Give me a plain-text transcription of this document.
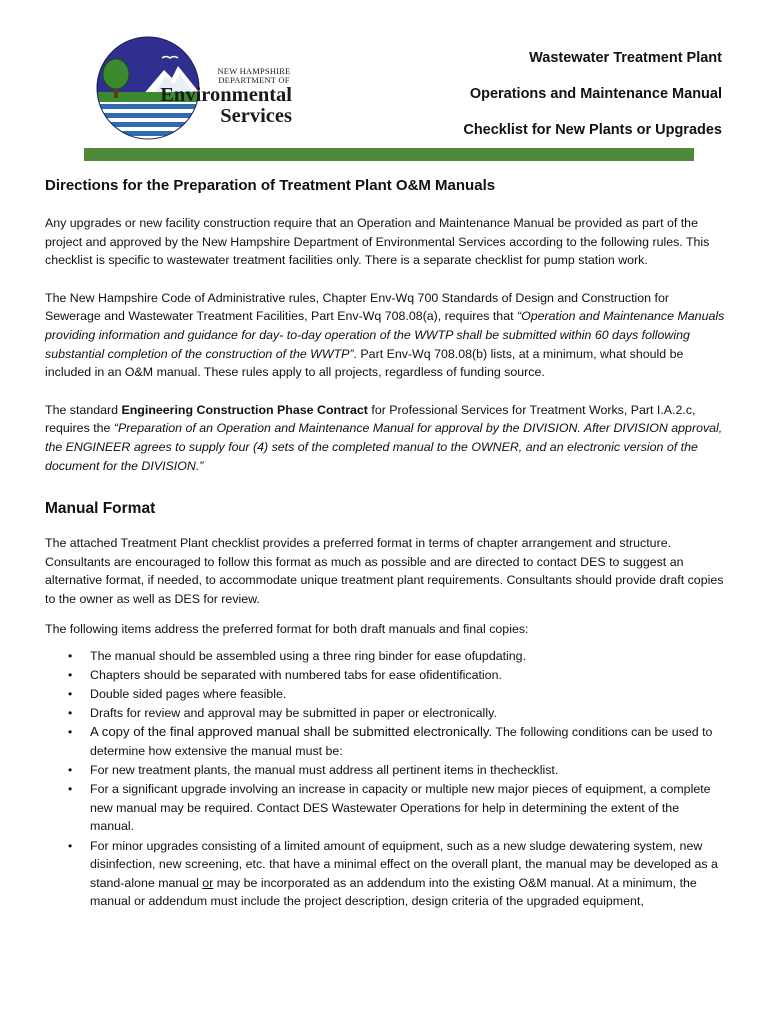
NEW HAMPSHIRE
DEPARTMENT OF
Environmental
Services
Wastewater Treatment Plant
Operations and Maintenance Manual
Checklist for New Plants or Upgrades
Directions for the Preparation of Treatment Plant O&M Manuals

Any upgrades or new facility construction require that an Operation and Maintenance Manual be provided as part of the project and approved by the New Hampshire Department of Environmental Services according to the following rules. This checklist is specific to wastewater treatment facilities only. There is a separate checklist for pump station work.

The New Hampshire Code of Administrative rules, Chapter Env-Wq 700 Standards of Design and Construction for Sewerage and Wastewater Treatment Facilities, Part Env-Wq 708.08(a), requires that “Operation and Maintenance Manuals providing information and guidance for day- to-day operation of the WWTP shall be submitted within 60 days following substantial completion of the construction of the WWTP”. Part Env-Wq 708.08(b) lists, at a minimum, what should be included in an O&M manual. These rules apply to all projects, regardless of funding source.

The standard Engineering Construction Phase Contract for Professional Services for Treatment Works, Part I.A.2.c, requires the “Preparation of an Operation and Maintenance Manual for approval by the DIVISION. After DIVISION approval, the ENGINEER agrees to supply four (4) sets of the completed manual to the OWNER, and an electronic version of the document for the DIVISION.”

Manual Format

The attached Treatment Plant checklist provides a preferred format in terms of chapter arrangement and structure. Consultants are encouraged to follow this format as much as possible and are directed to contact DES to suggest an alternative format, if needed, to accommodate unique treatment plant requirements. Consultants should provide draft copies to the owner as well as DES for review.

The following items address the preferred format for both draft manuals and final copies:

• The manual should be assembled using a three ring binder for ease ofupdating.
• Chapters should be separated with numbered tabs for ease ofidentification.
• Double sided pages where feasible.
• Drafts for review and approval may be submitted in paper or electronically.
• A copy of the final approved manual shall be submitted electronically. The following conditions can be used to determine how extensive the manual must be:
• For new treatment plants, the manual must address all pertinent items in thechecklist.
• For a significant upgrade involving an increase in capacity or multiple new major pieces of equipment, a complete new manual may be required. Contact DES Wastewater Operations for help in determining the extent of the manual.
• For minor upgrades consisting of a limited amount of equipment, such as a new sludge dewatering system, new disinfection, new screening, etc. that have a minimal effect on the overall plant, the manual may be developed as a stand-alone manual or may be incorporated as an addendum into the existing O&M manual. At a minimum, the manual or addendum must include the project description, design criteria of the upgraded equipment,
